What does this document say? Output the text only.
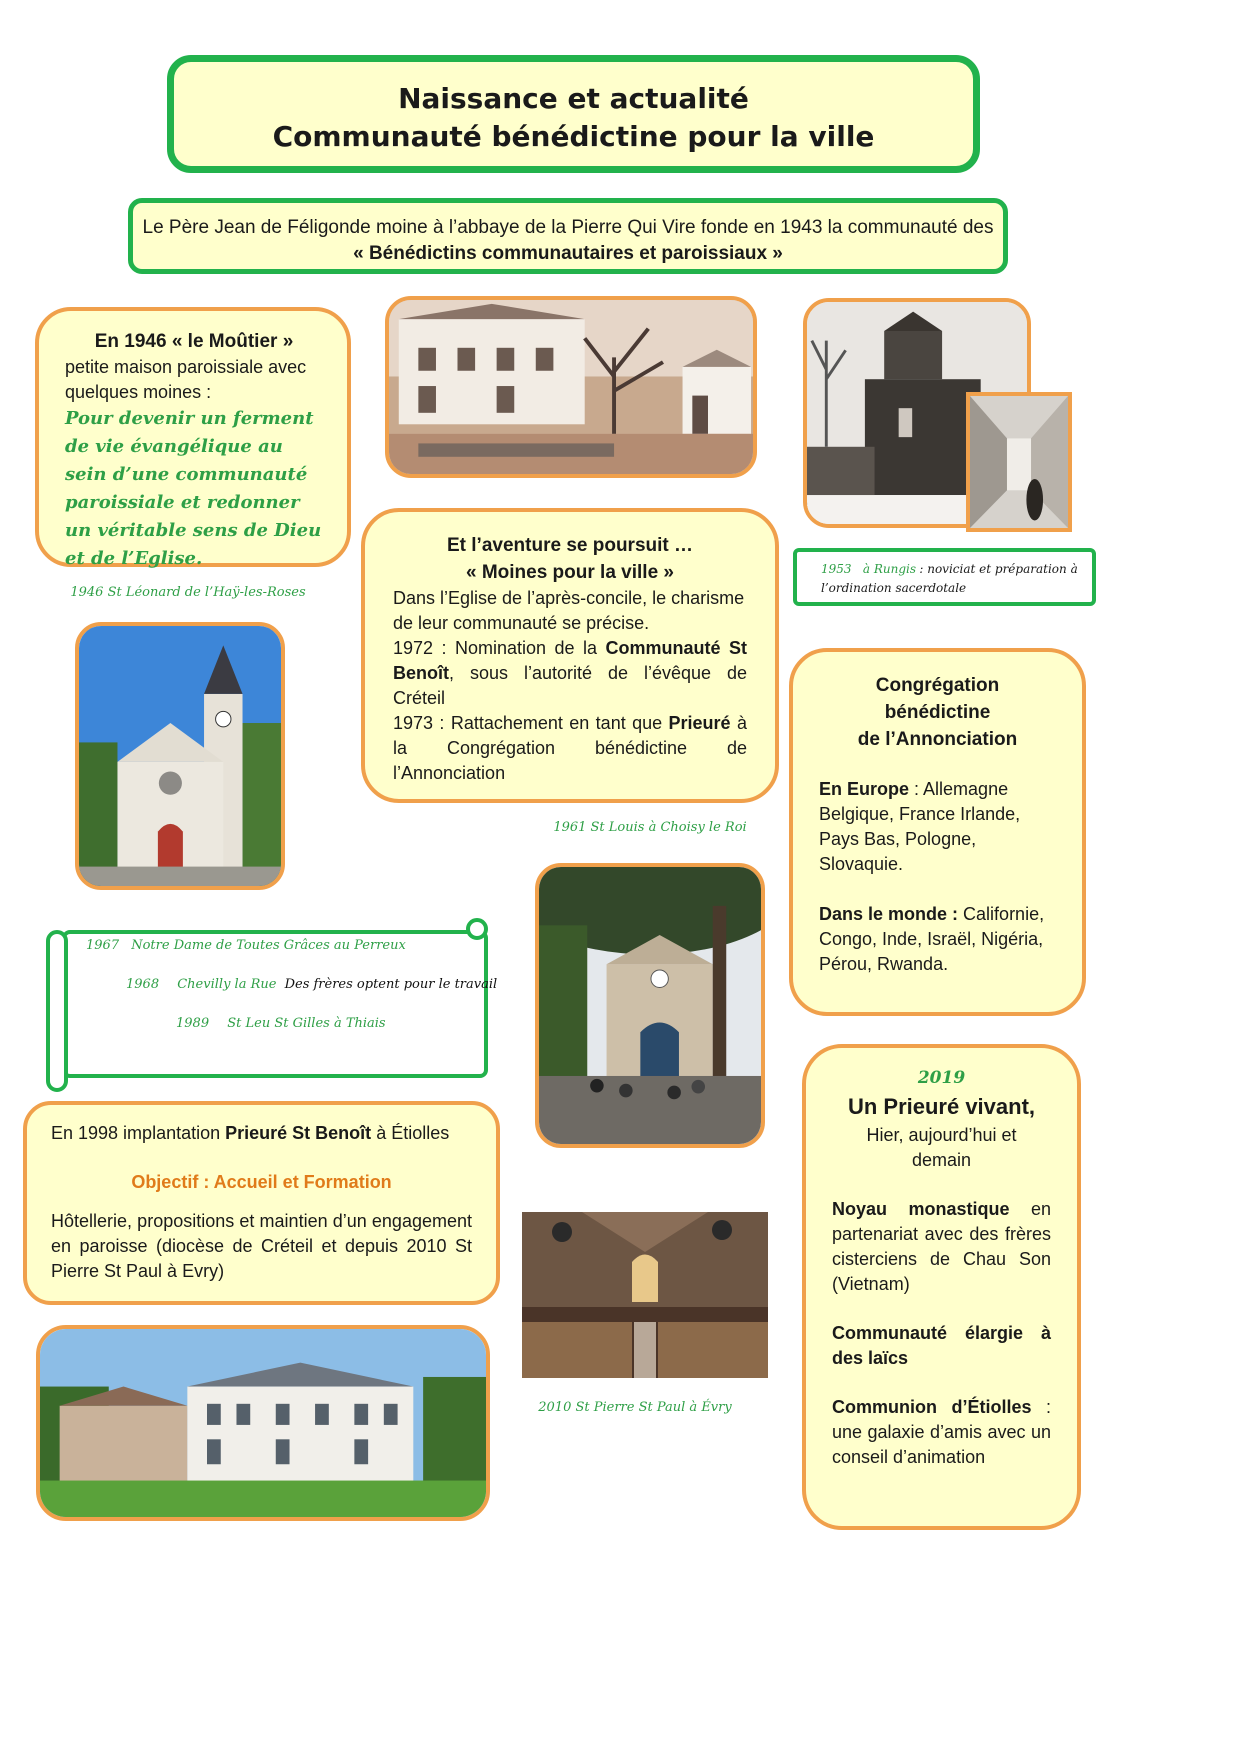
Naissance et actualité

Communauté bénédictine pour la ville

Le Père Jean de Féligonde moine à l’abbaye de la Pierre Qui Vire fonde en 1943 la communauté des

« Bénédictins communautaires et paroissiaux »

En 1946 « le Moûtier »

petite maison paroissiale avec quelques moines :

Pour devenir un ferment de vie évangélique au sein d’une communauté paroissiale et redonner un véritable sens de Dieu et de l’Eglise.

1946 St Léonard de l’Haÿ-les-Roses

1953 à Rungis : noviciat et préparation à l’ordination sacerdotale

Et l’aventure se poursuit …

« Moines pour la ville »

Dans l’Eglise de l’après-concile, le charisme de leur communauté se précise.

1972 : Nomination de la Communauté St Benoît, sous l’autorité de l’évêque de Créteil

1973 : Rattachement en tant que Prieuré à la Congrégation bénédictine de l’Annonciation

1961 St Louis à Choisy le Roi

Congrégation

bénédictine

de l’Annonciation

En Europe : Allemagne Belgique, France Irlande, Pays Bas, Pologne, Slovaquie.

Dans le monde : Californie, Congo, Inde, Israël, Nigéria, Pérou, Rwanda.

1967 Notre Dame de Toutes Grâces au Perreux

1968 Chevilly la Rue Des frères optent pour le travail

1989 St Leu St Gilles à Thiais

En 1998 implantation Prieuré St Benoît à Étiolles

Objectif : Accueil et Formation

Hôtellerie, propositions et maintien d’un engagement en paroisse (diocèse de Créteil et depuis 2010 St Pierre St Paul à Evry)

2010 St Pierre St Paul à Évry

2019

Un Prieuré vivant,

Hier, aujourd’hui et demain

Noyau monastique en partenariat avec des frères cisterciens de Chau Son (Vietnam)

Communauté élargie à des laïcs

Communion d’Étiolles : une galaxie d’amis avec un conseil d’animation
